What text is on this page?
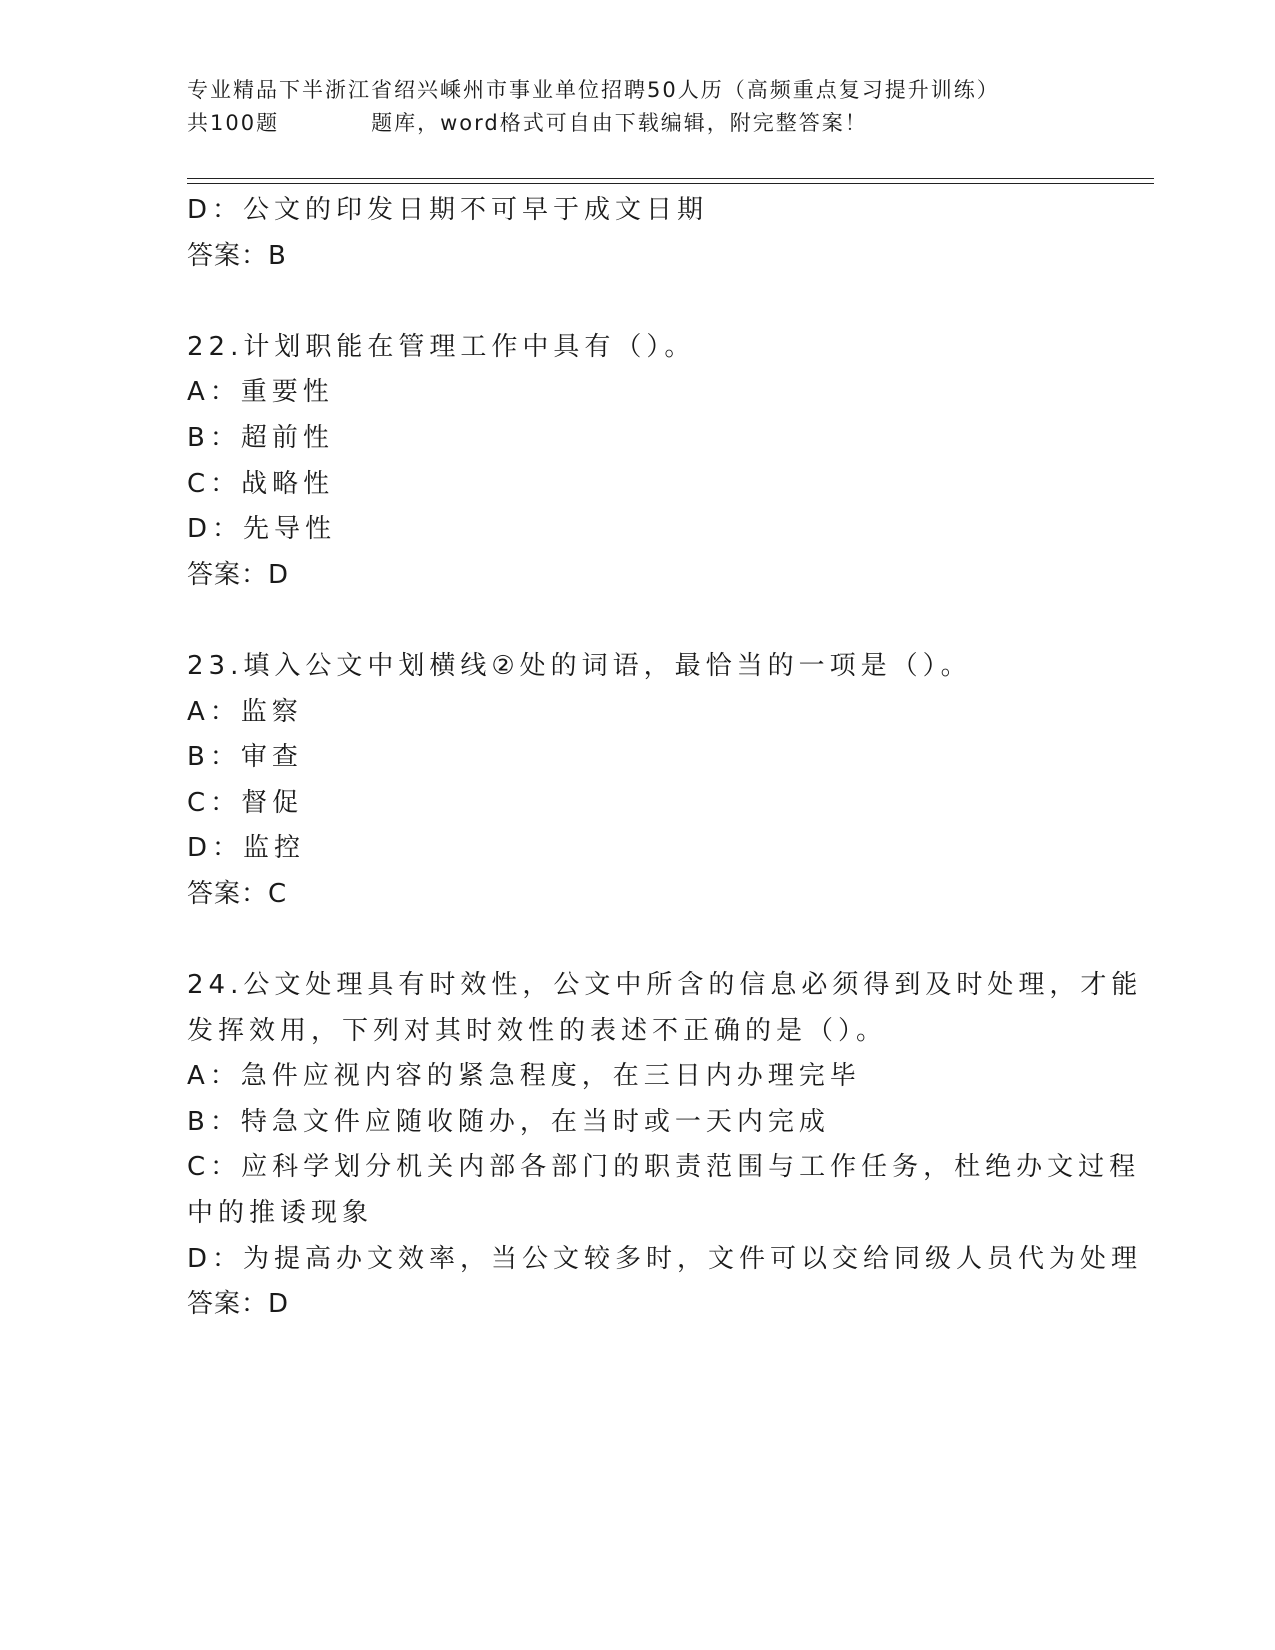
专业精品下半浙江省绍兴嵊州市事业单位招聘50人历（高频重点复习提升训练）
共100题	题库，word格式可自由下载编辑，附完整答案！
D：公文的印发日期不可早于成文日期
答案：B
22.计划职能在管理工作中具有（）。
A：重要性
B：超前性
C：战略性
D：先导性
答案：D
23.填入公文中划横线②处的词语，最恰当的一项是（）。
A：监察
B：审查
C：督促
D：监控
答案：C
24.公文处理具有时效性，公文中所含的信息必须得到及时处理，才能
发挥效用，下列对其时效性的表述不正确的是（）。
A：急件应视内容的紧急程度，在三日内办理完毕
B：特急文件应随收随办，在当时或一天内完成
C：应科学划分机关内部各部门的职责范围与工作任务，杜绝办文过程
中的推诿现象
D：为提高办文效率，当公文较多时，文件可以交给同级人员代为处理
答案：D
